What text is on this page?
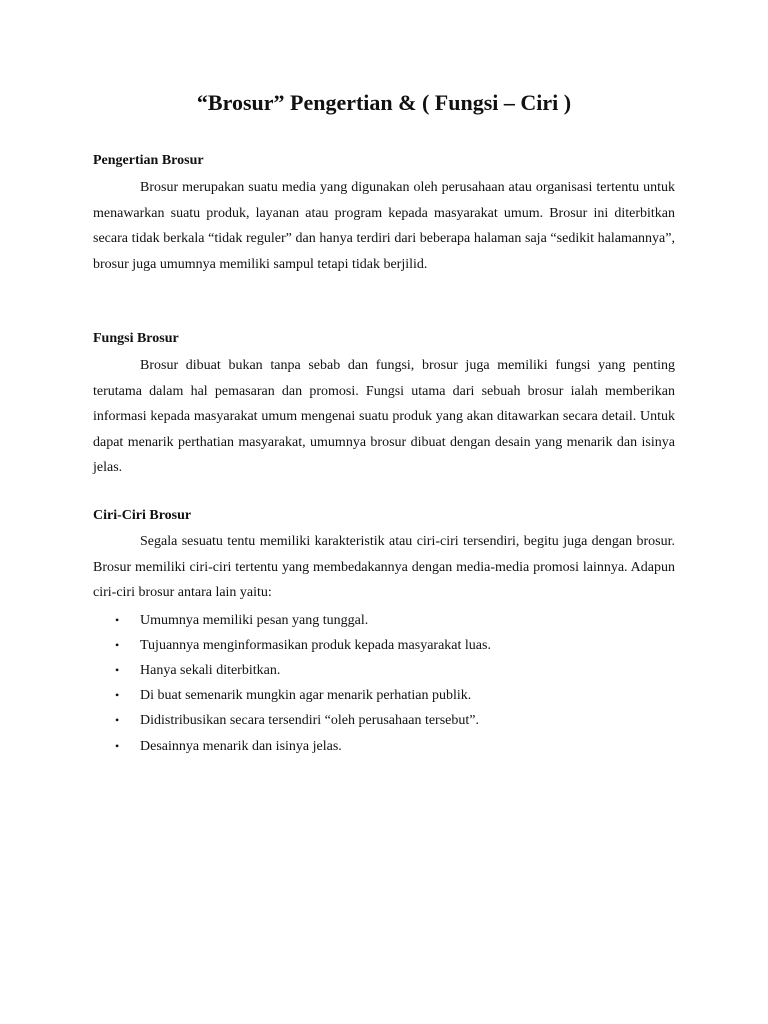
“Brosur” Pengertian & ( Fungsi – Ciri )
Pengertian Brosur

Brosur merupakan suatu media yang digunakan oleh perusahaan atau organisasi tertentu untuk menawarkan suatu produk, layanan atau program kepada masyarakat umum. Brosur ini diterbitkan secara tidak berkala “tidak reguler” dan hanya terdiri dari beberapa halaman saja “sedikit halamannya”, brosur juga umumnya memiliki sampul tetapi tidak berjilid.

Fungsi Brosur

Brosur dibuat bukan tanpa sebab dan fungsi, brosur juga memiliki fungsi yang penting terutama dalam hal pemasaran dan promosi. Fungsi utama dari sebuah brosur ialah memberikan informasi kepada masyarakat umum mengenai suatu produk yang akan ditawarkan secara detail. Untuk dapat menarik perthatian masyarakat, umumnya brosur dibuat dengan desain yang menarik dan isinya jelas.

Ciri-Ciri Brosur

Segala sesuatu tentu memiliki karakteristik atau ciri-ciri tersendiri, begitu juga dengan brosur. Brosur memiliki ciri-ciri tertentu yang membedakannya dengan media-media promosi lainnya. Adapun ciri-ciri brosur antara lain yaitu:

• Umumnya memiliki pesan yang tunggal.
• Tujuannya menginformasikan produk kepada masyarakat luas.
• Hanya sekali diterbitkan.
• Di buat semenarik mungkin agar menarik perhatian publik.
• Didistribusikan secara tersendiri “oleh perusahaan tersebut”.
• Desainnya menarik dan isinya jelas.
